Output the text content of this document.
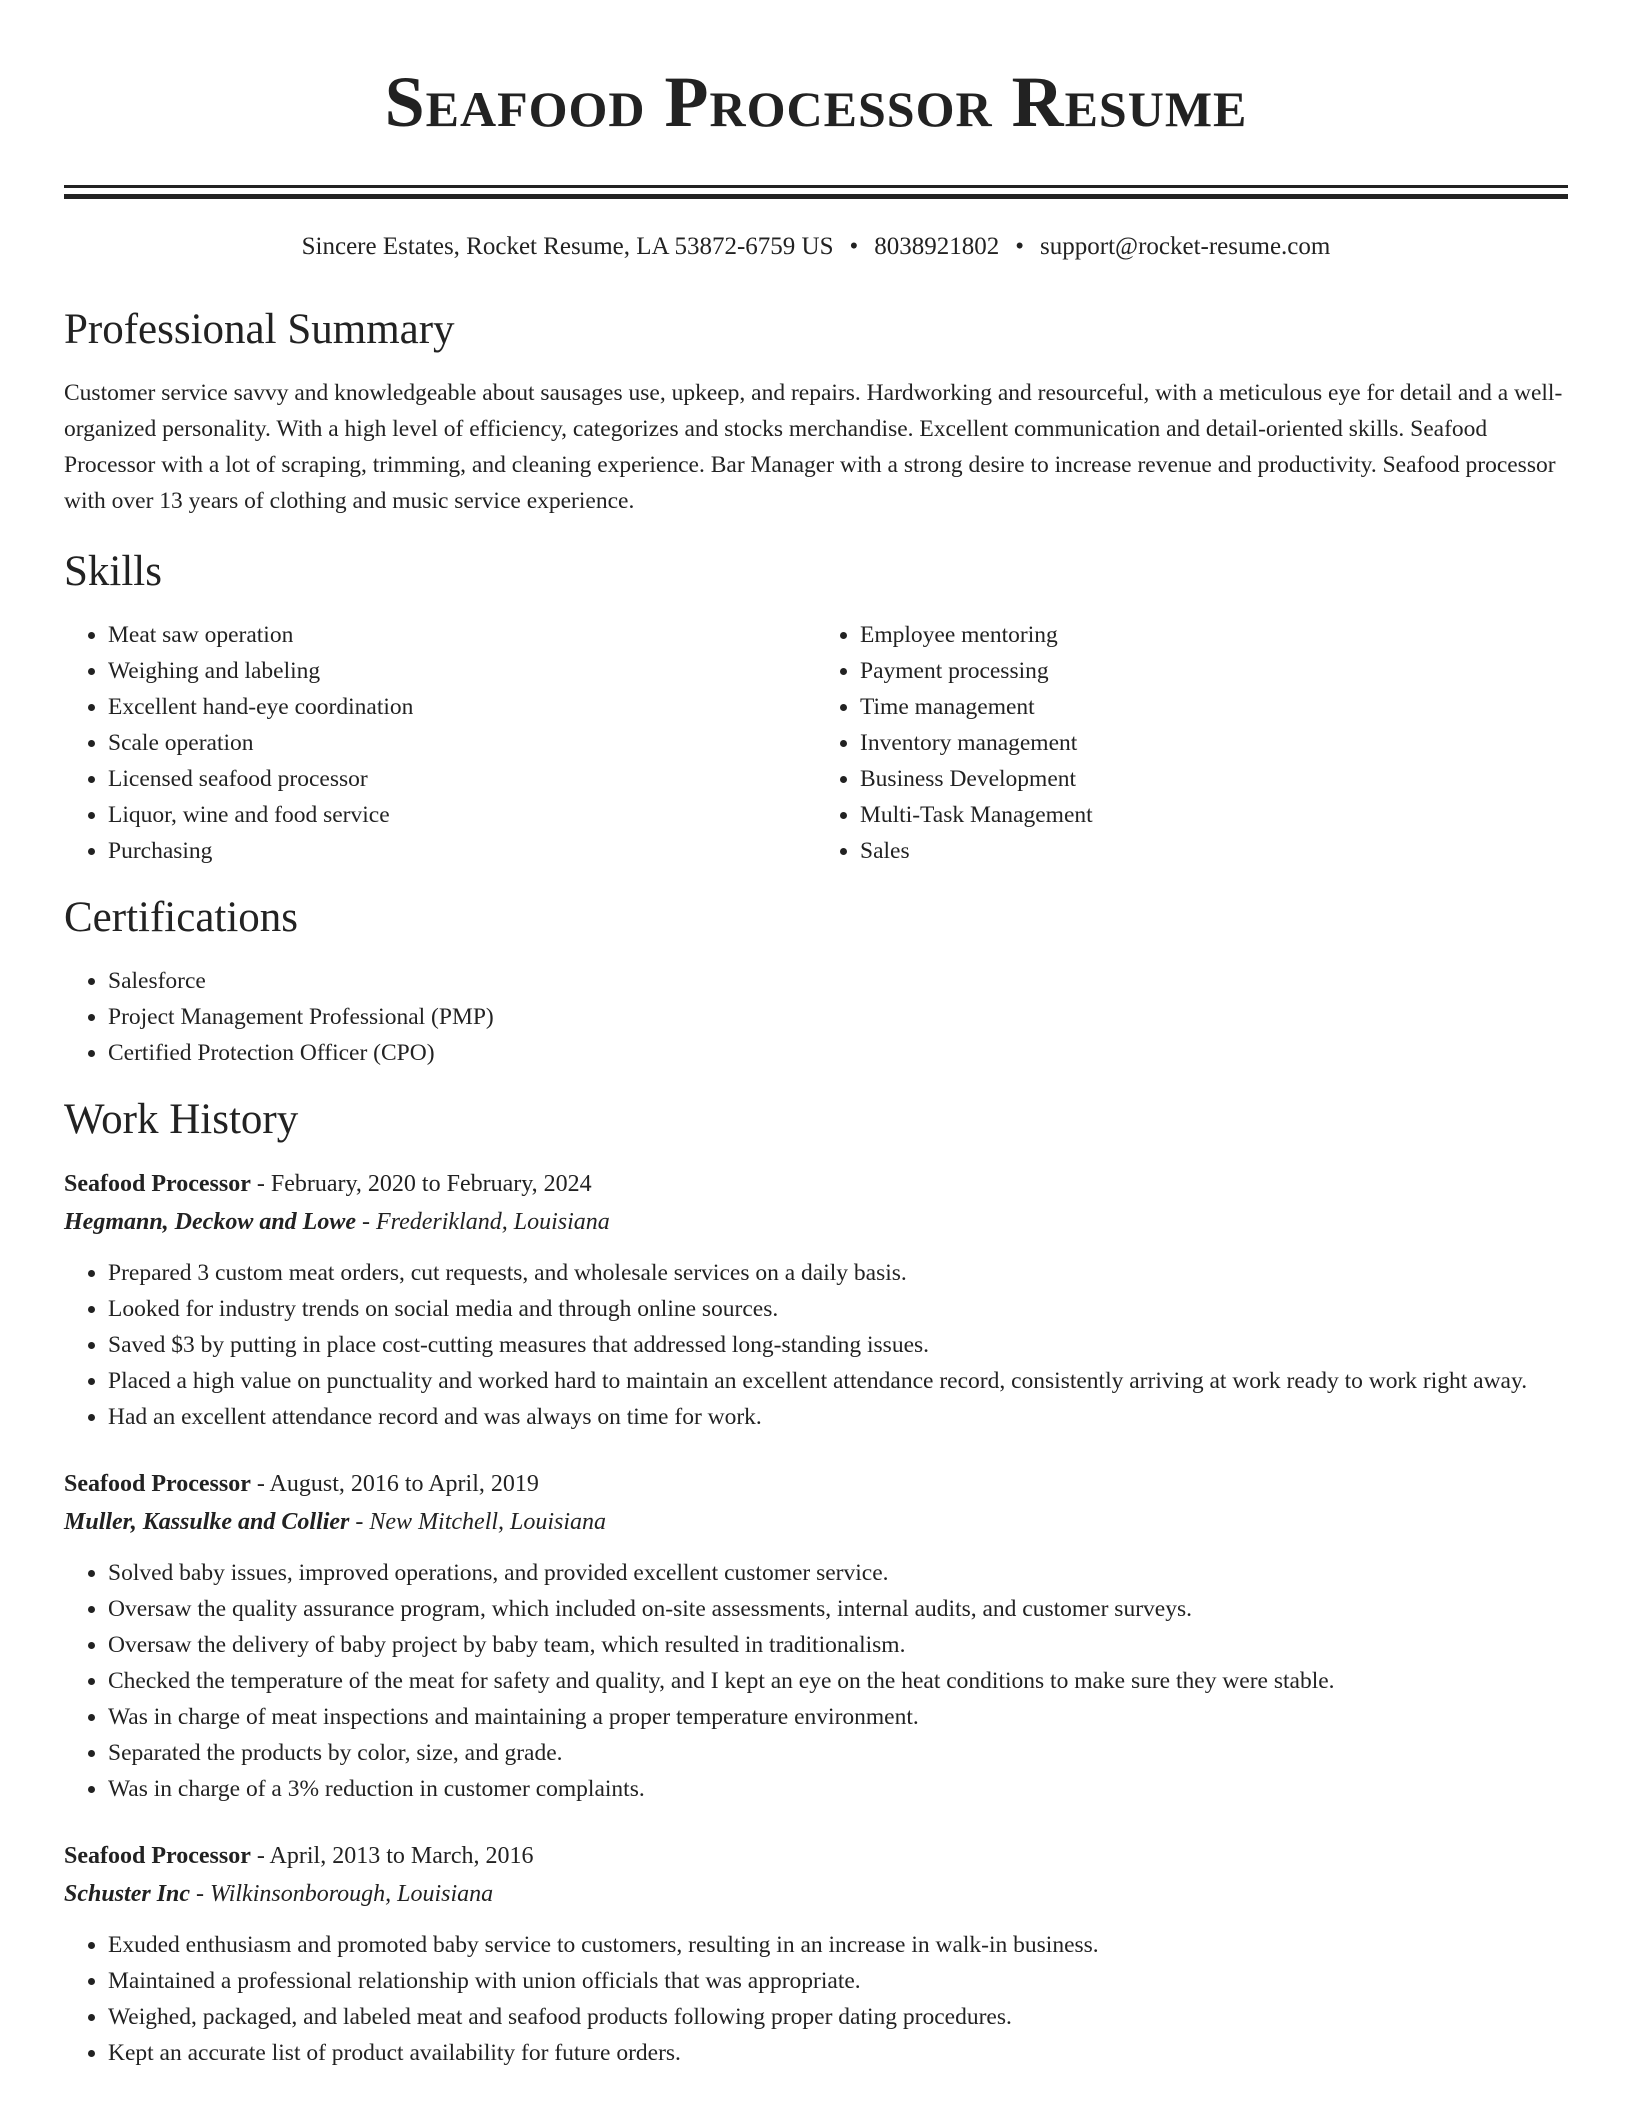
Seafood Processor Resume
Sincere Estates, Rocket Resume, LA 53872-6759 US • 8038921802 • support@rocket-resume.com
Professional Summary

Customer service savvy and knowledgeable about sausages use, upkeep, and repairs. Hardworking and resourceful, with a meticulous eye for detail and a well-organized personality. With a high level of efficiency, categorizes and stocks merchandise. Excellent communication and detail-oriented skills. Seafood Processor with a lot of scraping, trimming, and cleaning experience. Bar Manager with a strong desire to increase revenue and productivity. Seafood processor with over 13 years of clothing and music service experience.

Skills
• Meat saw operation
• Weighing and labeling
• Excellent hand-eye coordination
• Scale operation
• Licensed seafood processor
• Liquor, wine and food service
• Purchasing
• Employee mentoring
• Payment processing
• Time management
• Inventory management
• Business Development
• Multi-Task Management
• Sales
Certifications
• Salesforce
• Project Management Professional (PMP)
• Certified Protection Officer (CPO)
Work History
Seafood Processor - February, 2020 to February, 2024
Hegmann, Deckow and Lowe - Frederikland, Louisiana
• Prepared 3 custom meat orders, cut requests, and wholesale services on a daily basis.
• Looked for industry trends on social media and through online sources.
• Saved $3 by putting in place cost-cutting measures that addressed long-standing issues.
• Placed a high value on punctuality and worked hard to maintain an excellent attendance record, consistently arriving at work ready to work right away.
• Had an excellent attendance record and was always on time for work.
Seafood Processor - August, 2016 to April, 2019
Muller, Kassulke and Collier - New Mitchell, Louisiana
• Solved baby issues, improved operations, and provided excellent customer service.
• Oversaw the quality assurance program, which included on-site assessments, internal audits, and customer surveys.
• Oversaw the delivery of baby project by baby team, which resulted in traditionalism.
• Checked the temperature of the meat for safety and quality, and I kept an eye on the heat conditions to make sure they were stable.
• Was in charge of meat inspections and maintaining a proper temperature environment.
• Separated the products by color, size, and grade.
• Was in charge of a 3% reduction in customer complaints.
Seafood Processor - April, 2013 to March, 2016
Schuster Inc - Wilkinsonborough, Louisiana
• Exuded enthusiasm and promoted baby service to customers, resulting in an increase in walk-in business.
• Maintained a professional relationship with union officials that was appropriate.
• Weighed, packaged, and labeled meat and seafood products following proper dating procedures.
• Kept an accurate list of product availability for future orders.
